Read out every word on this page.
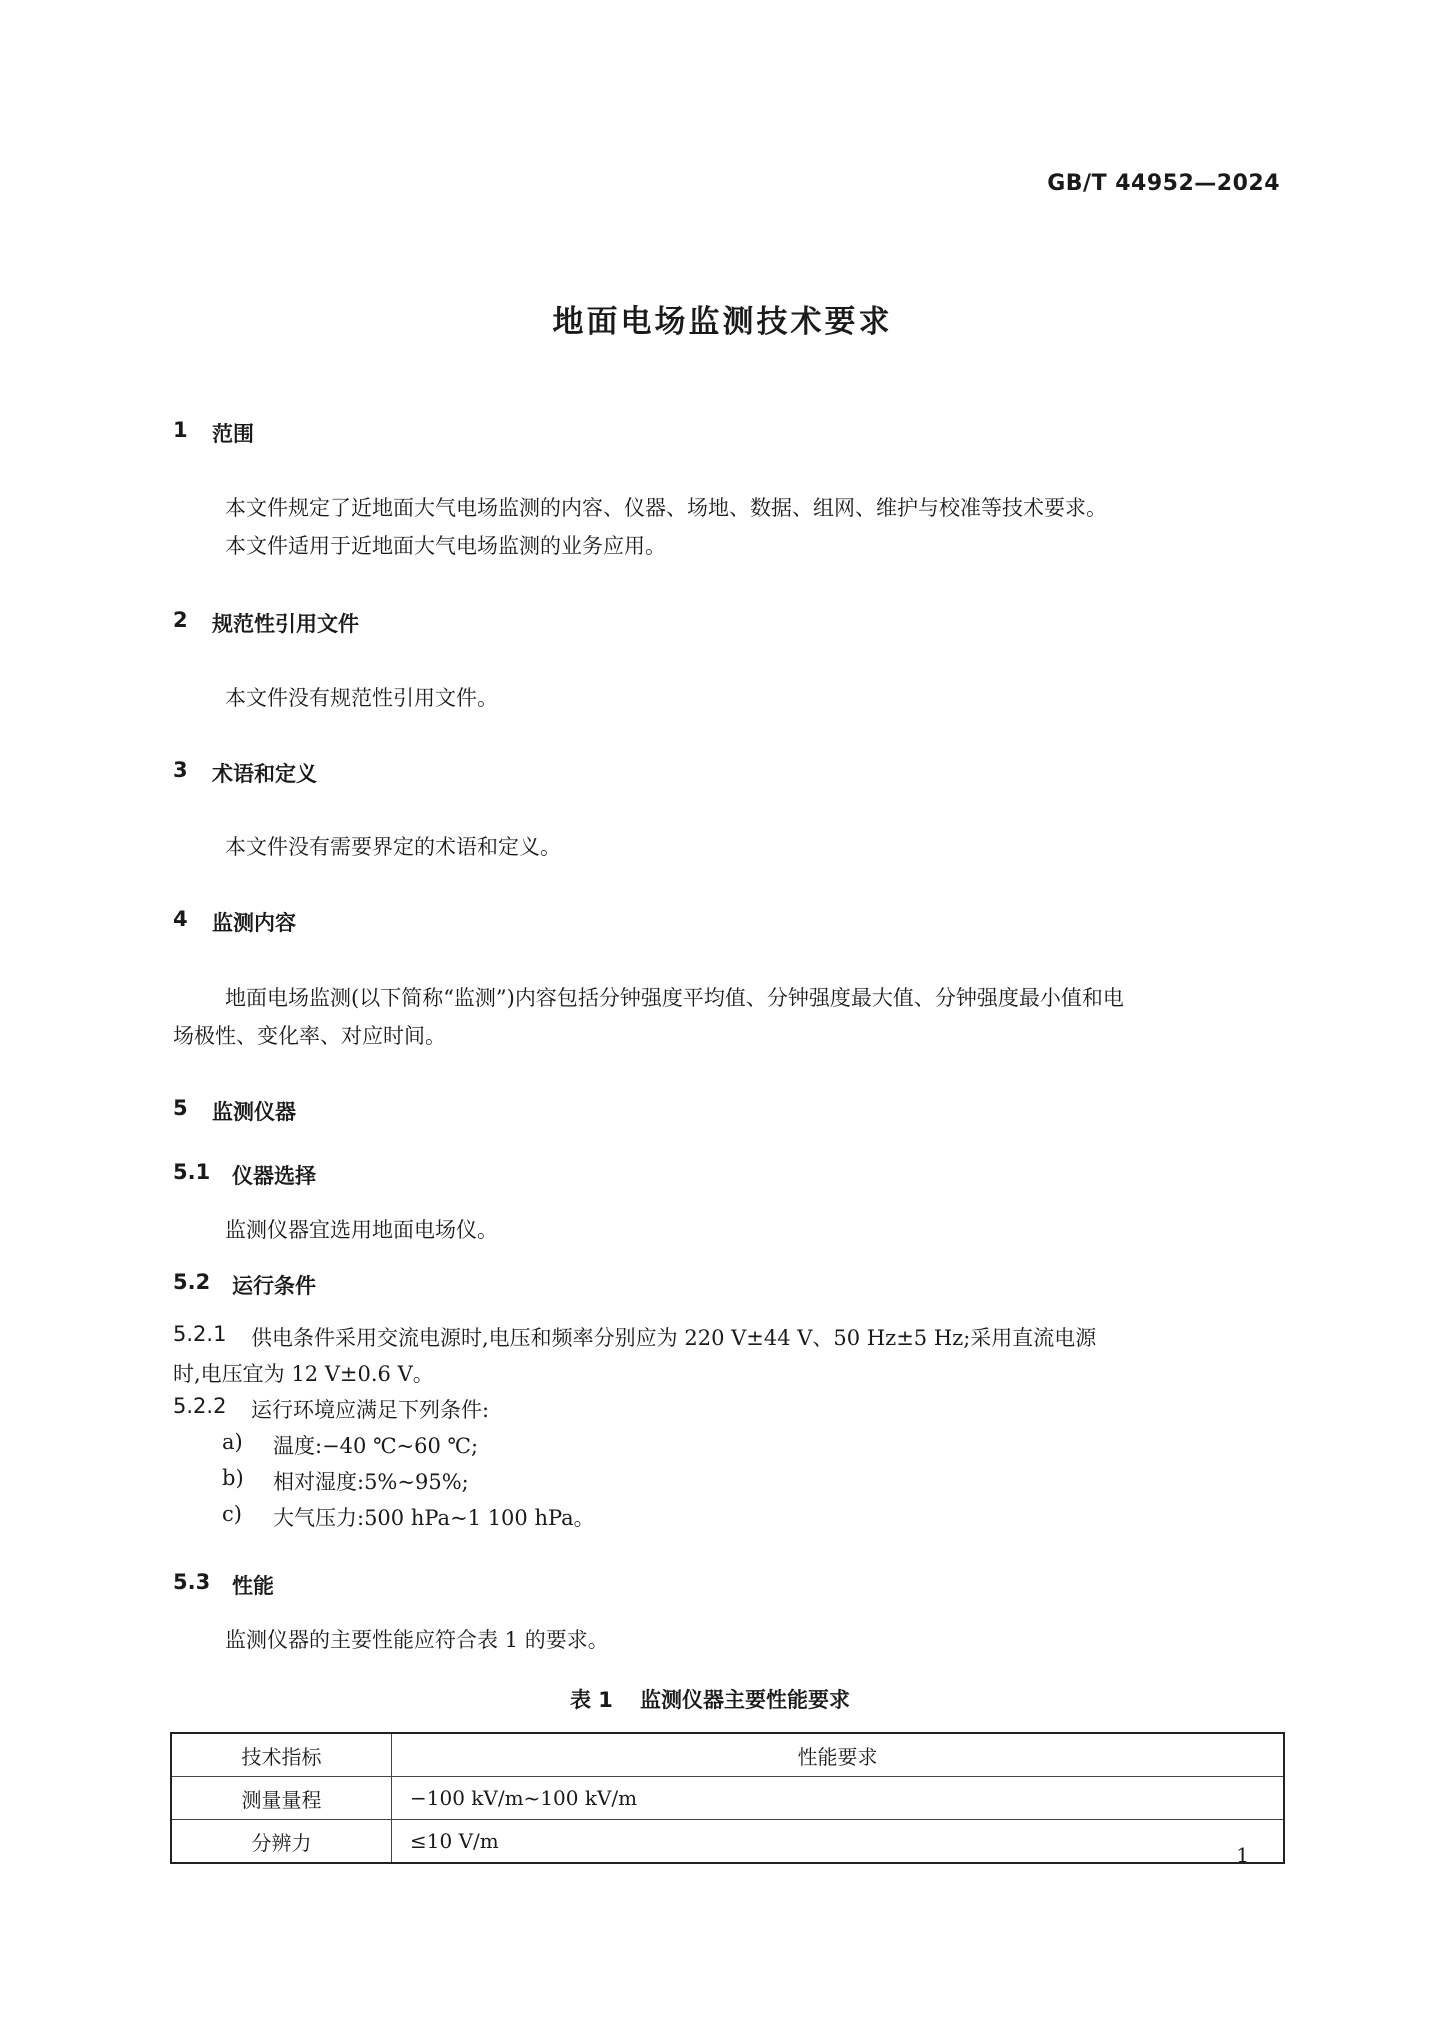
GB/T 44952—2024
地面电场监测技术要求
1 范围
本文件规定了近地面大气电场监测的内容、仪器、场地、数据、组网、维护与校准等技术要求。
本文件适用于近地面大气电场监测的业务应用。
2 规范性引用文件
本文件没有规范性引用文件。
3 术语和定义
本文件没有需要界定的术语和定义。
4 监测内容
地面电场监测(以下简称“监测”)内容包括分钟强度平均值、分钟强度最大值、分钟强度最小值和电
场极性、变化率、对应时间。
5 监测仪器
5.1 仪器选择
监测仪器宜选用地面电场仪。
5.2 运行条件
5.2.1 供电条件采用交流电源时,电压和频率分别应为 220 V±44 V、50 Hz±5 Hz;采用直流电源
时,电压宜为 12 V±0.6 V。
5.2.2 运行环境应满足下列条件:
a) 温度:−40 ℃~60 ℃;
b) 相对湿度:5%~95%;
c) 大气压力:500 hPa~1 100 hPa。
5.3 性能
监测仪器的主要性能应符合表 1 的要求。
表 1 监测仪器主要性能要求
技术指标	性能要求
测量量程	−100 kV/m~100 kV/m
分辨力	≤10 V/m
1
